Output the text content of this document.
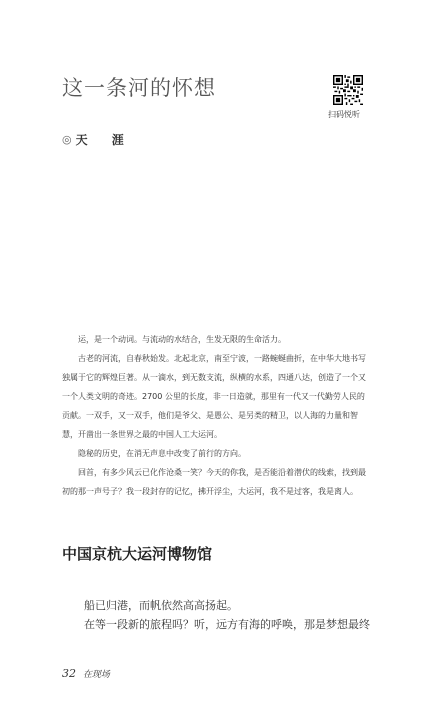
这一条河的怀想
扫码悦听
◎ 天 涯

运，是一个动词。与流动的水结合，生发无限的生命活力。

古老的河流，自春秋始发。北起北京，南至宁波，一路蜿蜒曲折，在中华大地书写独属于它的辉煌巨著。从一滴水，到无数支流，纵横的水系，四通八达，创造了一个又一个人类文明的奇迹。2700 公里的长度，非一日造就，那里有一代又一代勤劳人民的贡献。一双手，又一双手，他们是爷父、是愚公、是另类的精卫，以人海的力量和智慧，开凿出一条世界之最的中国人工大运河。

隐秘的历史，在消无声息中改变了前行的方向。

回首，有多少风云已化作沧桑一笑？今天的你我，是否能沿着潜伏的线索，找到最初的那一声号子？我一段封存的记忆，拂开浮尘，大运河，我不是过客，我是离人。

中国京杭大运河博物馆

船已归港，而帆依然高高扬起。

在等一段新的旅程吗？听，远方有海的呼唤，那是梦想最终

32 在现场
